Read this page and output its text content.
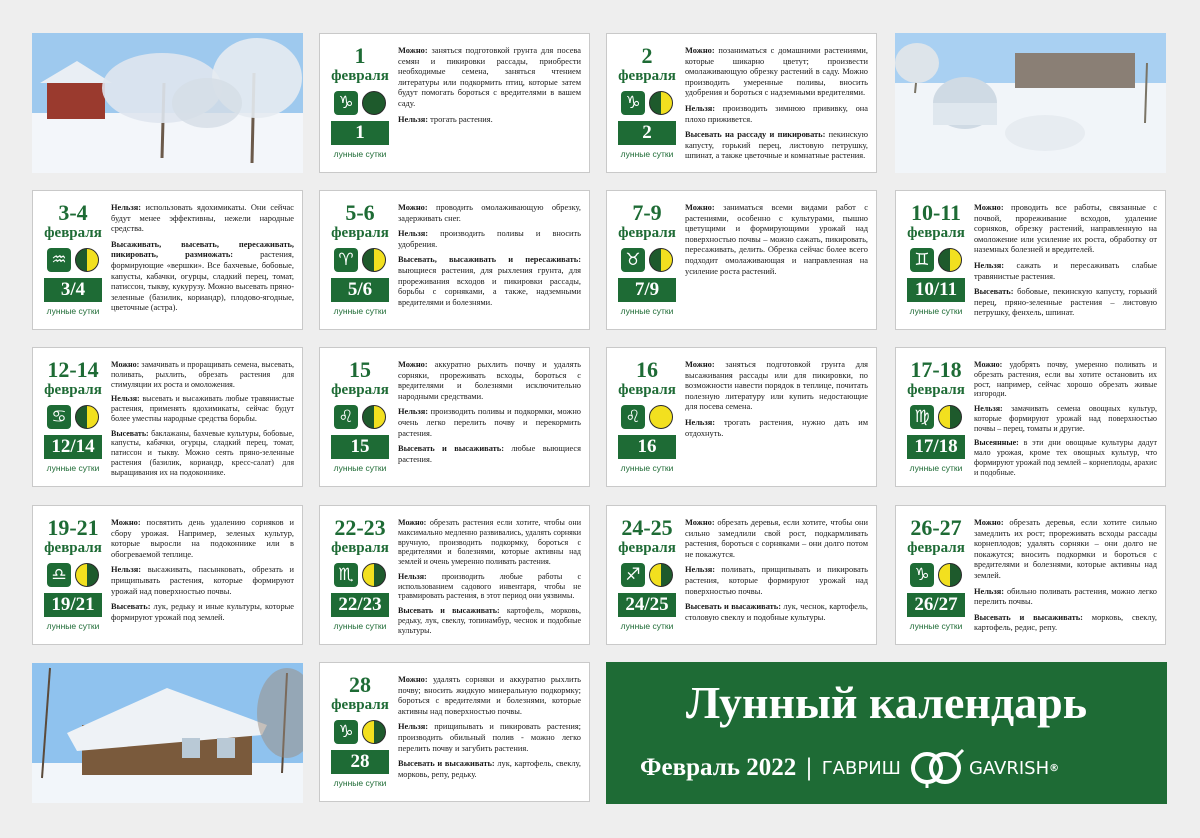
1
февраля
♑
1
лунные сутки

Можно: заняться подготовкой грунта для посева семян и пикировки рассады, приобрести необходимые семена, заняться чтением литературы или подкормить птиц, которые затем будут помогать бороться с вредителями в вашем саду.

Нельзя: трогать растения.

2
февраля
♑
2
лунные сутки

Можно: позаниматься с домашними растениями, которые шикарно цветут; произвести омолаживающую обрезку растений в саду. Можно производить умеренные поливы, вносить удобрения и бороться с надземными вредителями.

Нельзя: производить зимнюю прививку, она плохо приживется.

Высевать на рассаду и пикировать: пекинскую капусту, горький перец, листовую петрушку, шпинат, а также цветочные и комнатные растения.

3-4
февраля
♒
3/4
лунные сутки

Нельзя: использовать ядохимикаты. Они сейчас будут менее эффективны, нежели народные средства.

Высаживать, высевать, пересаживать, пикировать, размножать: растения, формирующие «вершки». Все бахчевые, бобовые, капусты, кабачки, огурцы, сладкий перец, томат, патиссон, тыкву, кукурузу. Можно высевать пряно-зеленные (базилик, кориандр), плодово-ягодные, цветочные (астра).

5-6
февраля
♈
5/6
лунные сутки

Можно: проводить омолаживающую обрезку, задерживать снег.

Нельзя: производить поливы и вносить удобрения.

Высевать, высаживать и пересаживать: выющиеся растения, для рыхления грунта, для прореживания всходов и пикировки рассады, борьбы с сорняками, а также, надземными вредителями и болезнями.

7-9
февраля
♉
7/9
лунные сутки

Можно: заниматься всеми видами работ с растениями, особенно с культурами, пышно цветущими и формирующими урожай над поверхностью почвы – можно сажать, пикировать, пересаживать, делить. Обрезка сейчас более всего подходит омолаживающая и направленная на усиление роста растений.

10-11
февраля
♊
10/11
лунные сутки

Можно: проводить все работы, связанные с почвой, прореживание всходов, удаление сорняков, обрезку растений, направленную на омоложение или усиление их роста, обработку от наземных болезней и вредителей.

Нельзя: сажать и пересаживать слабые травянистые растения.

Высевать: бобовые, пекинскую капусту, горький перец, пряно-зеленные растения – листовую петрушку, фенхель, шпинат.

12-14
февраля
♋
12/14
лунные сутки

Можно: замачивать и проращивать семена, высевать, поливать, рыхлить, обрезать растения для стимуляции их роста и омоложения.

Нельзя: высевать и высаживать любые травянистые растения, применять ядохимикаты, сейчас будут более уместны народные средства борьбы.

Высевать: баклажаны, бахчевые культуры, бобовые, капусты, кабачки, огурцы, сладкий перец, томат, патиссон и тыкву. Можно сеять пряно-зеленные растения (базилик, кориандр, кресс-салат) для выращивания их на подоконнике.

15
февраля
♌
15
лунные сутки

Можно: аккуратно рыхлить почву и удалять сорняки, прореживать всходы, бороться с вредителями и болезнями исключительно народными средствами.

Нельзя: производить поливы и подкормки, можно очень легко перелить почву и перекормить растения.

Высевать и высаживать: любые выющиеся растения.

16
февраля
♌
16
лунные сутки

Можно: заняться подготовкой грунта для высаживания рассады или для пикировки, по возможности навести порядок в теплице, почитать полезную литературу или купить недостающие для посева семена.

Нельзя: трогать растения, нужно дать им отдохнуть.

17-18
февраля
♍
17/18
лунные сутки

Можно: удобрять почву, умеренно поливать и обрезать растения, если вы хотите остановить их рост, например, сейчас хорошо обрезать живые изгороди.

Нельзя: замачивать семена овощных культур, которые формируют урожай над поверхностью почвы – перец, томаты и другие.

Высеянные: в эти дни овощные культуры дадут мало урожая, кроме тех овощных культур, что формируют урожай под землей – корнеплоды, арахис и подобные.

19-21
февраля
♎
19/21
лунные сутки

Можно: посвятить день удалению сорняков и сбору урожая. Например, зеленых культур, которые выросли на подоконнике или в обогреваемой теплице.

Нельзя: высаживать, пасынковать, обрезать и прищипывать растения, которые формируют урожай над поверхностью почвы.

Высевать: лук, редьку и иные культуры, которые формируют урожай под землей.

22-23
февраля
♏
22/23
лунные сутки

Можно: обрезать растения если хотите, чтобы они максимально медленно развивались, удалять сорняки вручную, производить подкормку, бороться с вредителями и болезнями, которые активны над землей и очень умеренно поливать растения.

Нельзя: производить любые работы с использованием садового инвентаря, чтобы не травмировать растения, в этот период они уязвимы.

Высевать и высаживать: картофель, морковь, редьку, лук, свеклу, топинамбур, чеснок и подобные культуры.

24-25
февраля
♐
24/25
лунные сутки

Можно: обрезать деревья, если хотите, чтобы они сильно замедлили свой рост, подкармливать растения, бороться с сорняками – они долго потом не покажутся.

Нельзя: поливать, прищипывать и пикировать растения, которые формируют урожай над поверхностью почвы.

Высевать и высаживать: лук, чеснок, картофель, столовую свеклу и подобные культуры.

26-27
февраля
♑
26/27
лунные сутки

Можно: обрезать деревья, если хотите сильно замедлить их рост; прореживать всходы рассады корнеплодов; удалять сорняки – они долго не покажутся; вносить подкормки и бороться с вредителями и болезнями, которые активны над землей.

Нельзя: обильно поливать растения, можно легко перелить почвы.

Высевать и высаживать: морковь, свеклу, картофель, редис, репу.

28
февраля
♑
28
лунные сутки

Можно: удалять сорняки и аккуратно рыхлить почву; вносить жидкую минеральную подкормку; бороться с вредителями и болезнями, которые активны над поверхностью почвы.

Нельзя: прищипывать и пикировать растения; производить обильный полив - можно легко перелить почву и загубить растения.

Высевать и высаживать: лук, картофель, свеклу, морковь, репу, редьку.

Лунный календарь
Февраль 2022 | ГАВРИШ	GAVRISH ®
